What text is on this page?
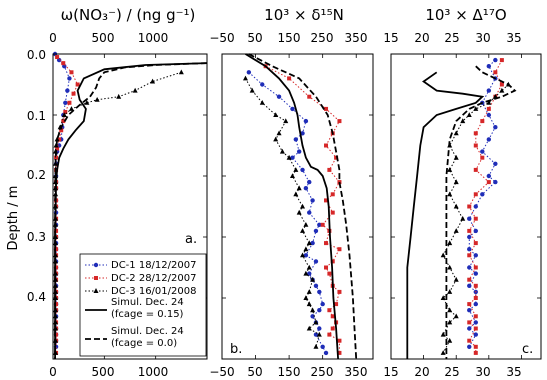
Depth / m
0.0
0.1
0.2
0.3
0.4
ω(NO₃⁻) / (ng g⁻¹)
0	500 1000
0	500 1000
a.
DC-1 18/12/2007
DC-2 28/12/2007
DC-3 16/01/2008
Simul. Dec. 24
(fcage = 0.15)
Simul. Dec. 24
(fcage = 0.0)
10³ × δ¹⁵N
−50 50 150 250 350
−50 50 150 250 350
b.
10³ × Δ¹⁷O
15 20 25 30 35
15 20 25 30 35
c.
